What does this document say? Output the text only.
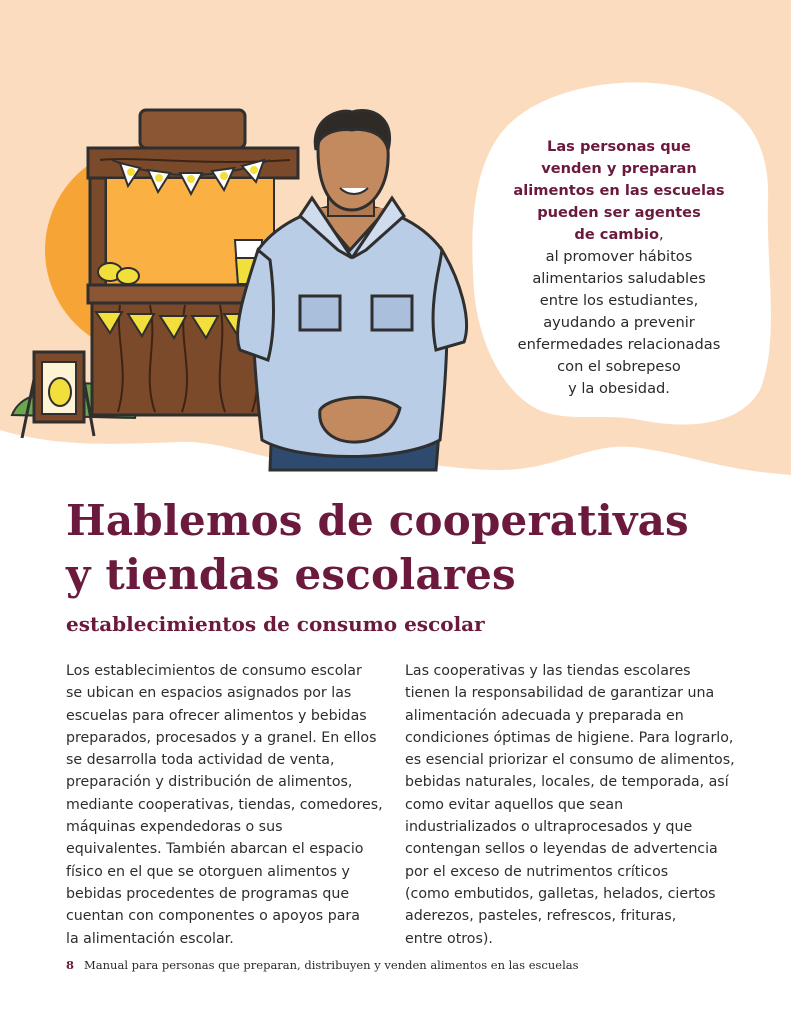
Las personas que
venden y preparan
alimentos en las escuelas
pueden ser agentes
de cambio,
al promover hábitos
alimentarios saludables
entre los estudiantes,
ayudando a prevenir
enfermedades relacionadas
con el sobrepeso
y la obesidad.
Hablemos de cooperativas
y tiendas escolares
establecimientos de consumo escolar

Los establecimientos de consumo escolar

se ubican en espacios asignados por las

escuelas para ofrecer alimentos y bebidas

preparados, procesados y a granel. En ellos

se desarrolla toda actividad de venta,

preparación y distribución de alimentos,

mediante cooperativas, tiendas, comedores,

máquinas expendedoras o sus

equivalentes. También abarcan el espacio

físico en el que se otorguen alimentos y

bebidas procedentes de programas que

cuentan con componentes o apoyos para

la alimentación escolar.

Las cooperativas y las tiendas escolares

tienen la responsabilidad de garantizar una

alimentación adecuada y preparada en

condiciones óptimas de higiene. Para lograrlo,

es esencial priorizar el consumo de alimentos,

bebidas naturales, locales, de temporada, así

como evitar aquellos que sean

industrializados o ultraprocesados y que

contengan sellos o leyendas de advertencia

por el exceso de nutrimentos críticos

(como embutidos, galletas, helados, ciertos

aderezos, pasteles, refrescos, frituras,

entre otros).

8 Manual para personas que preparan, distribuyen y venden alimentos en las escuelas
